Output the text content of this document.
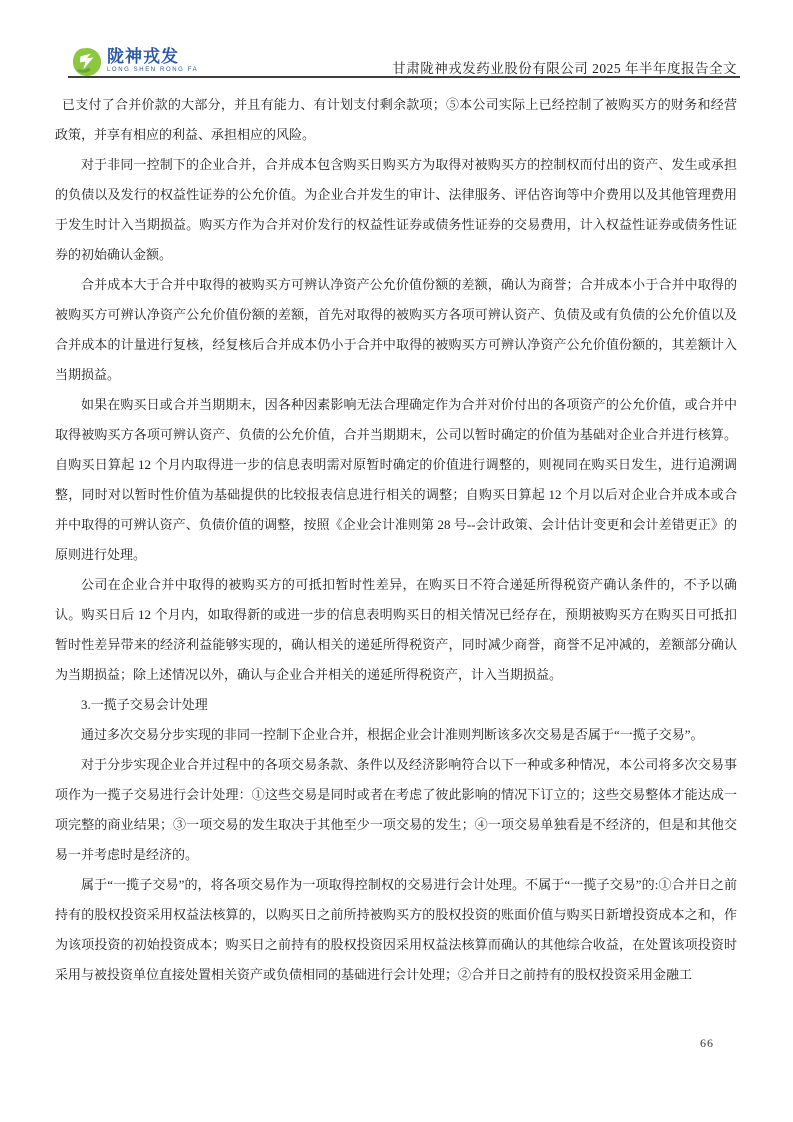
陇神戎发
LONG SHEN RONG FA	甘肃陇神戎发药业股份有限公司 2025 年半年度报告全文

已支付了合并价款的大部分，并且有能力、有计划支付剩余款项；⑤本公司实际上已经控制了被购买方的财务和经营政策，并享有相应的利益、承担相应的风险。

对于非同一控制下的企业合并，合并成本包含购买日购买方为取得对被购买方的控制权而付出的资产、发生或承担的负债以及发行的权益性证券的公允价值。为企业合并发生的审计、法律服务、评估咨询等中介费用以及其他管理费用于发生时计入当期损益。购买方作为合并对价发行的权益性证券或债务性证券的交易费用，计入权益性证券或债务性证券的初始确认金额。

合并成本大于合并中取得的被购买方可辨认净资产公允价值份额的差额，确认为商誉；合并成本小于合并中取得的被购买方可辨认净资产公允价值份额的差额，首先对取得的被购买方各项可辨认资产、负债及或有负债的公允价值以及合并成本的计量进行复核，经复核后合并成本仍小于合并中取得的被购买方可辨认净资产公允价值份额的，其差额计入当期损益。

如果在购买日或合并当期期末，因各种因素影响无法合理确定作为合并对价付出的各项资产的公允价值，或合并中取得被购买方各项可辨认资产、负债的公允价值，合并当期期末，公司以暂时确定的价值为基础对企业合并进行核算。自购买日算起 12 个月内取得进一步的信息表明需对原暂时确定的价值进行调整的，则视同在购买日发生，进行追溯调整，同时对以暂时性价值为基础提供的比较报表信息进行相关的调整；自购买日算起 12 个月以后对企业合并成本或合并中取得的可辨认资产、负债价值的调整，按照《企业会计准则第 28 号--会计政策、会计估计变更和会计差错更正》的原则进行处理。

公司在企业合并中取得的被购买方的可抵扣暂时性差异，在购买日不符合递延所得税资产确认条件的，不予以确认。购买日后 12 个月内，如取得新的或进一步的信息表明购买日的相关情况已经存在，预期被购买方在购买日可抵扣暂时性差异带来的经济利益能够实现的，确认相关的递延所得税资产，同时减少商誉，商誉不足冲减的，差额部分确认为当期损益；除上述情况以外，确认与企业合并相关的递延所得税资产，计入当期损益。

3.一揽子交易会计处理

通过多次交易分步实现的非同一控制下企业合并，根据企业会计准则判断该多次交易是否属于“一揽子交易”。

对于分步实现企业合并过程中的各项交易条款、条件以及经济影响符合以下一种或多种情况，本公司将多次交易事项作为一揽子交易进行会计处理：①这些交易是同时或者在考虑了彼此影响的情况下订立的；这些交易整体才能达成一项完整的商业结果；③一项交易的发生取决于其他至少一项交易的发生；④一项交易单独看是不经济的，但是和其他交易一并考虑时是经济的。

属于“一揽子交易”的，将各项交易作为一项取得控制权的交易进行会计处理。不属于“一揽子交易”的:①合并日之前持有的股权投资采用权益法核算的，以购买日之前所持被购买方的股权投资的账面价值与购买日新增投资成本之和，作为该项投资的初始投资成本；购买日之前持有的股权投资因采用权益法核算而确认的其他综合收益，在处置该项投资时采用与被投资单位直接处置相关资产或负债相同的基础进行会计处理；②合并日之前持有的股权投资采用金融工

66
